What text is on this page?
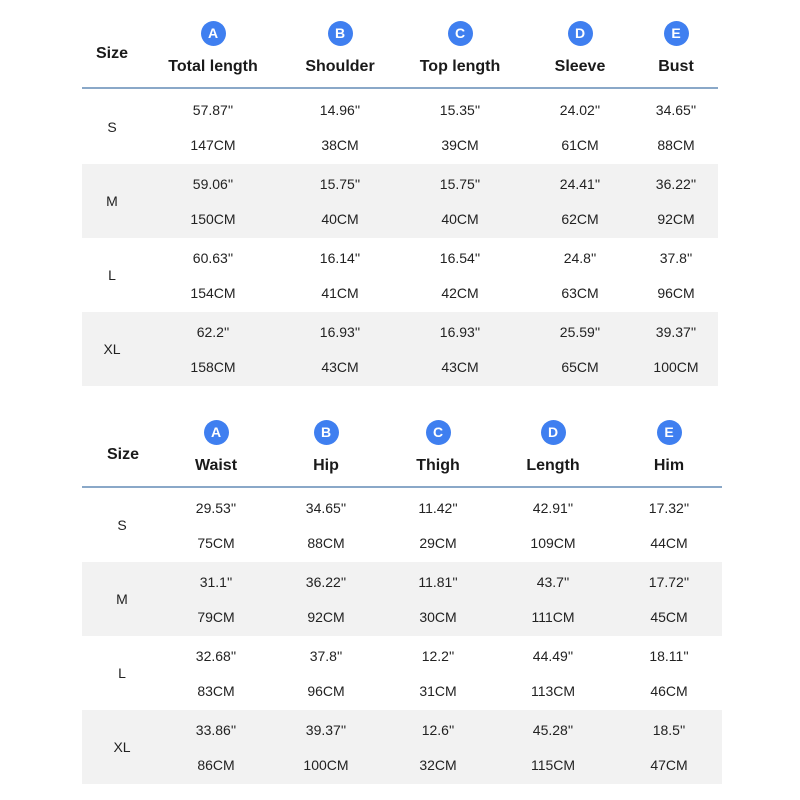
Size
A
Total length
B
Shoulder
C
Top length
D
Sleeve
E
Bust
S
57.87''
147CM
14.96''
38CM
15.35''
39CM
24.02''
61CM
34.65''
88CM
M
59.06''
150CM
15.75''
40CM
15.75''
40CM
24.41''
62CM
36.22''
92CM
L
60.63''
154CM
16.14''
41CM
16.54''
42CM
24.8''
63CM
37.8''
96CM
XL
62.2''
158CM
16.93''
43CM
16.93''
43CM
25.59''
65CM
39.37''
100CM
Size
A
Waist
B
Hip
C
Thigh
D
Length
E
Him
S
29.53''
75CM
34.65''
88CM
11.42''
29CM
42.91''
109CM
17.32''
44CM
M
31.1''
79CM
36.22''
92CM
11.81''
30CM
43.7''
111CM
17.72''
45CM
L
32.68''
83CM
37.8''
96CM
12.2''
31CM
44.49''
113CM
18.11''
46CM
XL
33.86''
86CM
39.37''
100CM
12.6''
32CM
45.28''
115CM
18.5''
47CM
